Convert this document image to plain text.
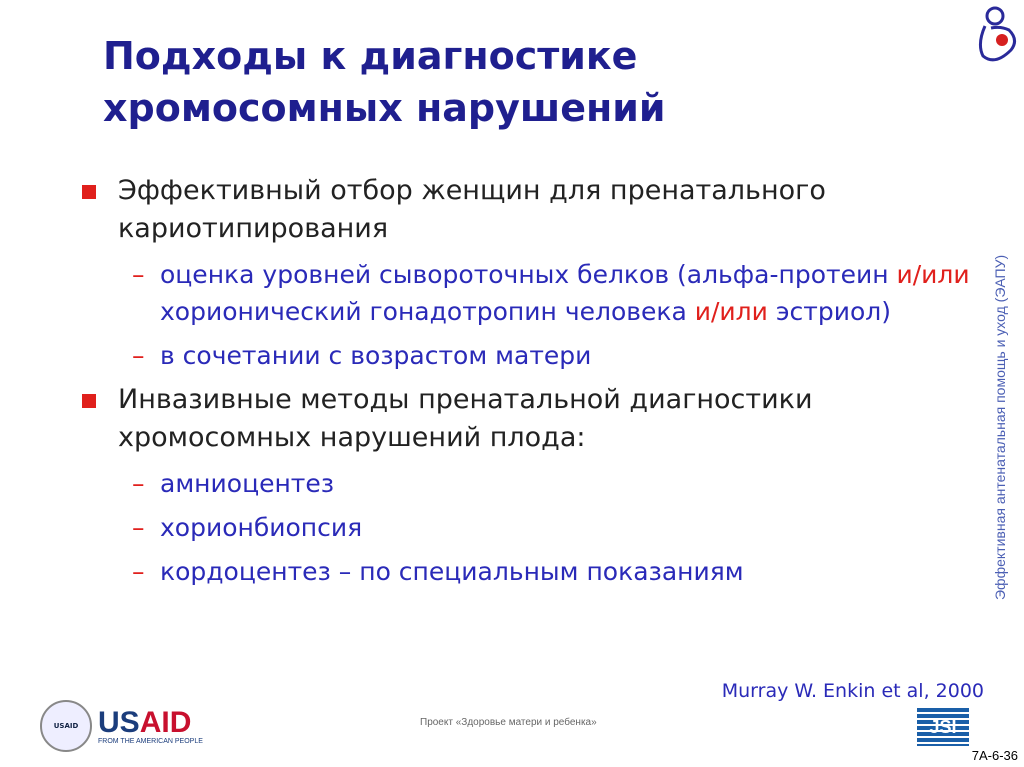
Подходы к диагностике
хромосомных нарушений
Эффективный отбор женщин для пренатального кариотипирования
– оценка уровней сывороточных белков (альфа-протеин и/или хорионический гонадотропин человека и/или эстриол)
– в сочетании с возрастом матери
Инвазивные методы пренатальной диагностики хромосомных нарушений плода:
– амниоцентез
– хорионбиопсия
– кордоцентез – по специальным показаниям	Эффективная антенатальная помощь и уход (ЭАПУ)
Murray W. Enkin et al, 2000
USAID USAID
FROM THE AMERICAN PEOPLE
Проект «Здоровье матери и ребенка»	JSI
7A-6-36
